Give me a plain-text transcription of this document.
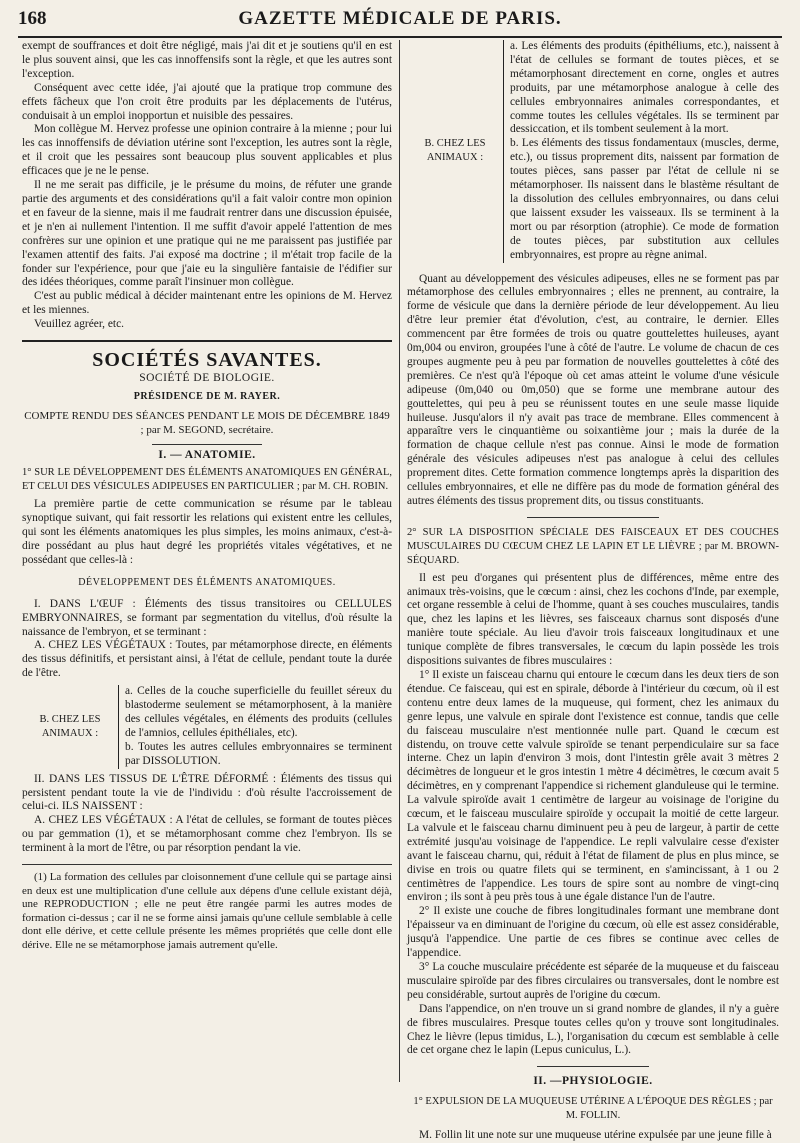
168	GAZETTE MÉDICALE DE PARIS.

exempt de souffrances et doit être négligé, mais j'ai dit et je soutiens qu'il en est le plus souvent ainsi, que les cas innoffensifs sont la règle, et que les autres sont l'exception.

Conséquent avec cette idée, j'ai ajouté que la pratique trop commune des effets fâcheux que l'on croit être produits par les déplacements de l'utérus, conduisait à un emploi inopportun et nuisible des pessaires.

Mon collègue M. Hervez professe une opinion contraire à la mienne ; pour lui les cas innoffensifs de déviation utérine sont l'exception, les autres sont la règle, et il croit que les pessaires sont beaucoup plus souvent applicables et plus efficaces que je ne le pense.

Il ne me serait pas difficile, je le présume du moins, de réfuter une grande partie des arguments et des considérations qu'il a fait valoir contre mon opinion et en faveur de la sienne, mais il me faudrait rentrer dans une discussion épuisée, et je n'en ai nullement l'intention. Il me suffit d'avoir appelé l'attention de mes confrères sur une opinion et une pratique qui ne me paraissent pas justifiée par l'examen attentif des faits. J'ai exposé ma doctrine ; il m'était trop facile de la fonder sur l'expérience, pour que j'aie eu la singulière fantaisie de l'édifier sur des idées théoriques, comme paraît l'insinuer mon collègue.

C'est au public médical à décider maintenant entre les opinions de M. Hervez et les miennes.

Veuillez agréer, etc.

SOCIÉTÉS SAVANTES.

SOCIÉTÉ DE BIOLOGIE.

PRÉSIDENCE DE M. RAYER.

COMPTE RENDU DES SÉANCES PENDANT LE MOIS DE DÉCEMBRE 1849 ; par M. SEGOND, secrétaire.

I. — ANATOMIE.

1° SUR LE DÉVELOPPEMENT DES ÉLÉMENTS ANATOMIQUES EN GÉNÉRAL, ET CELUI DES VÉSICULES ADIPEUSES EN PARTICULIER ; par M. CH. ROBIN.

La première partie de cette communication se résume par le tableau synoptique suivant, qui fait ressortir les relations qui existent entre les cellules, qui sont les éléments anatomiques les plus simples, les moins animaux, c'est-à-dire possédant au plus haut degré les propriétés vitales végétatives, et ne possédant que celles-là :

DÉVELOPPEMENT DES ÉLÉMENTS ANATOMIQUES.

I. DANS L'ŒUF : Éléments des tissus transitoires ou CELLULES EMBRYONNAIRES, se formant par segmentation du vitellus, d'où résulte la naissance de l'embryon, et se terminant :

A. CHEZ LES VÉGÉTAUX : Toutes, par métamorphose directe, en éléments des tissus définitifs, et persistant ainsi, à l'état de cellule, pendant toute la durée de l'être.

B. CHEZ LES ANIMAUX :

a. Celles de la couche superficielle du feuillet séreux du blastoderme seulement se métamorphosent, à la manière des cellules végétales, en éléments des produits (cellules de l'amnios, cellules épithéliales, etc).

b. Toutes les autres cellules embryonnaires se terminent par DISSOLUTION.

II. DANS LES TISSUS DE L'ÊTRE DÉFORMÉ : Éléments des tissus qui persistent pendant toute la vie de l'individu : d'où résulte l'accroissement de celui-ci. ILS NAISSENT :

A. CHEZ LES VÉGÉTAUX : A l'état de cellules, se formant de toutes pièces ou par gemmation (1), et se métamorphosant comme chez l'embryon. Ils se terminent à la mort de l'être, ou par résorption pendant la vie.

(1) La formation des cellules par cloisonnement d'une cellule qui se partage ainsi en deux est une multiplication d'une cellule aux dépens d'une cellule existant déjà, une REPRODUCTION ; elle ne peut être rangée parmi les autres modes de formation ci-dessus ; car il ne se forme ainsi jamais qu'une cellule semblable à celle dont elle dérive, et cette cellule présente les mêmes propriétés que celle dont elle dérive. Elle ne se métamorphose jamais autrement qu'elle.

B. CHEZ LES ANIMAUX :

a. Les éléments des produits (épithéliums, etc.), naissent à l'état de cellules se formant de toutes pièces, et se métamorphosant directement en corne, ongles et autres produits, par une métamorphose analogue à celle des cellules embryonnaires animales correspondantes, et comme toutes les cellules végétales. Ils se terminent par dessiccation, et ils tombent seulement à la mort.

b. Les éléments des tissus fondamentaux (muscles, derme, etc.), ou tissus proprement dits, naissent par formation de toutes pièces, sans passer par l'état de cellule ni se métamorphoser. Ils naissent dans le blastème résultant de la dissolution des cellules embryonnaires, ou dans celui que laissent exsuder les vaisseaux. Ils se terminent à la mort ou par résorption (atrophie). Ce mode de formation de toutes pièces, par substitution aux cellules embryonnaires, est propre au règne animal.

Quant au développement des vésicules adipeuses, elles ne se forment pas par métamorphose des cellules embryonnaires ; elles ne prennent, au contraire, la forme de vésicule que dans la dernière période de leur développement. Au lieu d'être leur premier état d'évolution, c'est, au contraire, le dernier. Elles commencent par être formées de trois ou quatre gouttelettes huileuses, ayant 0m,004 ou environ, groupées l'une à côté de l'autre. Le volume de chacun de ces groupes augmente peu à peu par formation de nouvelles gouttelettes à côté des premières. Ce n'est qu'à l'époque où cet amas atteint le volume d'une vésicule adipeuse (0m,040 ou 0m,050) que se forme une membrane autour des gouttelettes, qui peu à peu se réunissent toutes en une seule masse liquide huileuse. Jusqu'alors il n'y avait pas trace de membrane. Elles commencent à apparaître vers le cinquantième ou soixantième jour ; mais la durée de la formation de chaque cellule n'est pas connue. Ainsi le mode de formation générale des vésicules adipeuses n'est pas analogue à celui des cellules proprement dites. Cette formation commence longtemps après la disparition des cellules embryonnaires, et elle ne diffère pas du mode de formation général des autres éléments des tissus proprement dits, ou tissus constituants.

2° SUR LA DISPOSITION SPÉCIALE DES FAISCEAUX ET DES COUCHES MUSCULAIRES DU CŒCUM CHEZ LE LAPIN ET LE LIÈVRE ; par M. BROWN-SÉQUARD.

Il est peu d'organes qui présentent plus de différences, même entre des animaux très-voisins, que le cœcum : ainsi, chez les cochons d'Inde, par exemple, cet organe ressemble à celui de l'homme, quant à ses couches musculaires, tandis que, chez les lapins et les lièvres, ses faisceaux charnus sont disposés d'une manière toute spéciale. Au lieu d'avoir trois faisceaux longitudinaux et une tunique complète de fibres transversales, le cœcum du lapin possède les trois dispositions suivantes de fibres musculaires :

1° Il existe un faisceau charnu qui entoure le cœcum dans les deux tiers de son étendue. Ce faisceau, qui est en spirale, déborde à l'intérieur du cœcum, où il est contenu entre deux lames de la muqueuse, qui forment, chez les animaux du genre lepus, une valvule en spirale dont l'existence est connue, tandis que celle du faisceau musculaire n'est mentionnée nulle part. Quand le cœcum est distendu, on trouve cette valvule spiroïde se tenant perpendiculaire sur sa face interne. Chez un lapin d'environ 3 mois, dont l'intestin grêle avait 3 mètres 2 décimètres de longueur et le gros intestin 1 mètre 4 décimètres, le cœcum avait 5 décimètres, en y comprenant l'appendice si richement glanduleuse qui le termine. La valvule spiroïde avait 1 centimètre de largeur au voisinage de l'origine du cœcum, et le faisceau musculaire spiroïde y occupait la moitié de cette largeur. La valvule et le faisceau charnu diminuent peu à peu de largeur, à partir de cette extrémité jusqu'au voisinage de l'appendice. Le repli valvulaire cesse d'exister avant le faisceau charnu, qui, réduit à l'état de filament de plus en plus mince, se divise en trois ou quatre filets qui se terminent, en s'amincissant, à 1 ou 2 centimètres de l'appendice. Les tours de spire sont au nombre de vingt-cinq environ ; ils sont à peu près tous à une égale distance l'un de l'autre.

2° Il existe une couche de fibres longitudinales formant une membrane dont l'épaisseur va en diminuant de l'origine du cœcum, où elle est assez considérable, jusqu'à l'appendice. Une partie de ces fibres se continue avec celles de l'appendice.

3° La couche musculaire précédente est séparée de la muqueuse et du faisceau musculaire spiroïde par des fibres circulaires ou transversales, dont le nombre est peu considérable, surtout auprès de l'origine du cœcum.

Dans l'appendice, on n'en trouve un si grand nombre de glandes, il n'y a guère de fibres musculaires. Presque toutes celles qu'on y trouve sont longitudinales. Chez le lièvre (lepus timidus, L.), l'organisation du cœcum est semblable à celle de cet organe chez le lapin (Lepus cuniculus, L.).

II. —PHYSIOLOGIE.

1° EXPULSION DE LA MUQUEUSE UTÉRINE A L'ÉPOQUE DES RÈGLES ; par M. FOLLIN.

M. Follin lit une note sur une muqueuse utérine expulsée par une jeune fille à
